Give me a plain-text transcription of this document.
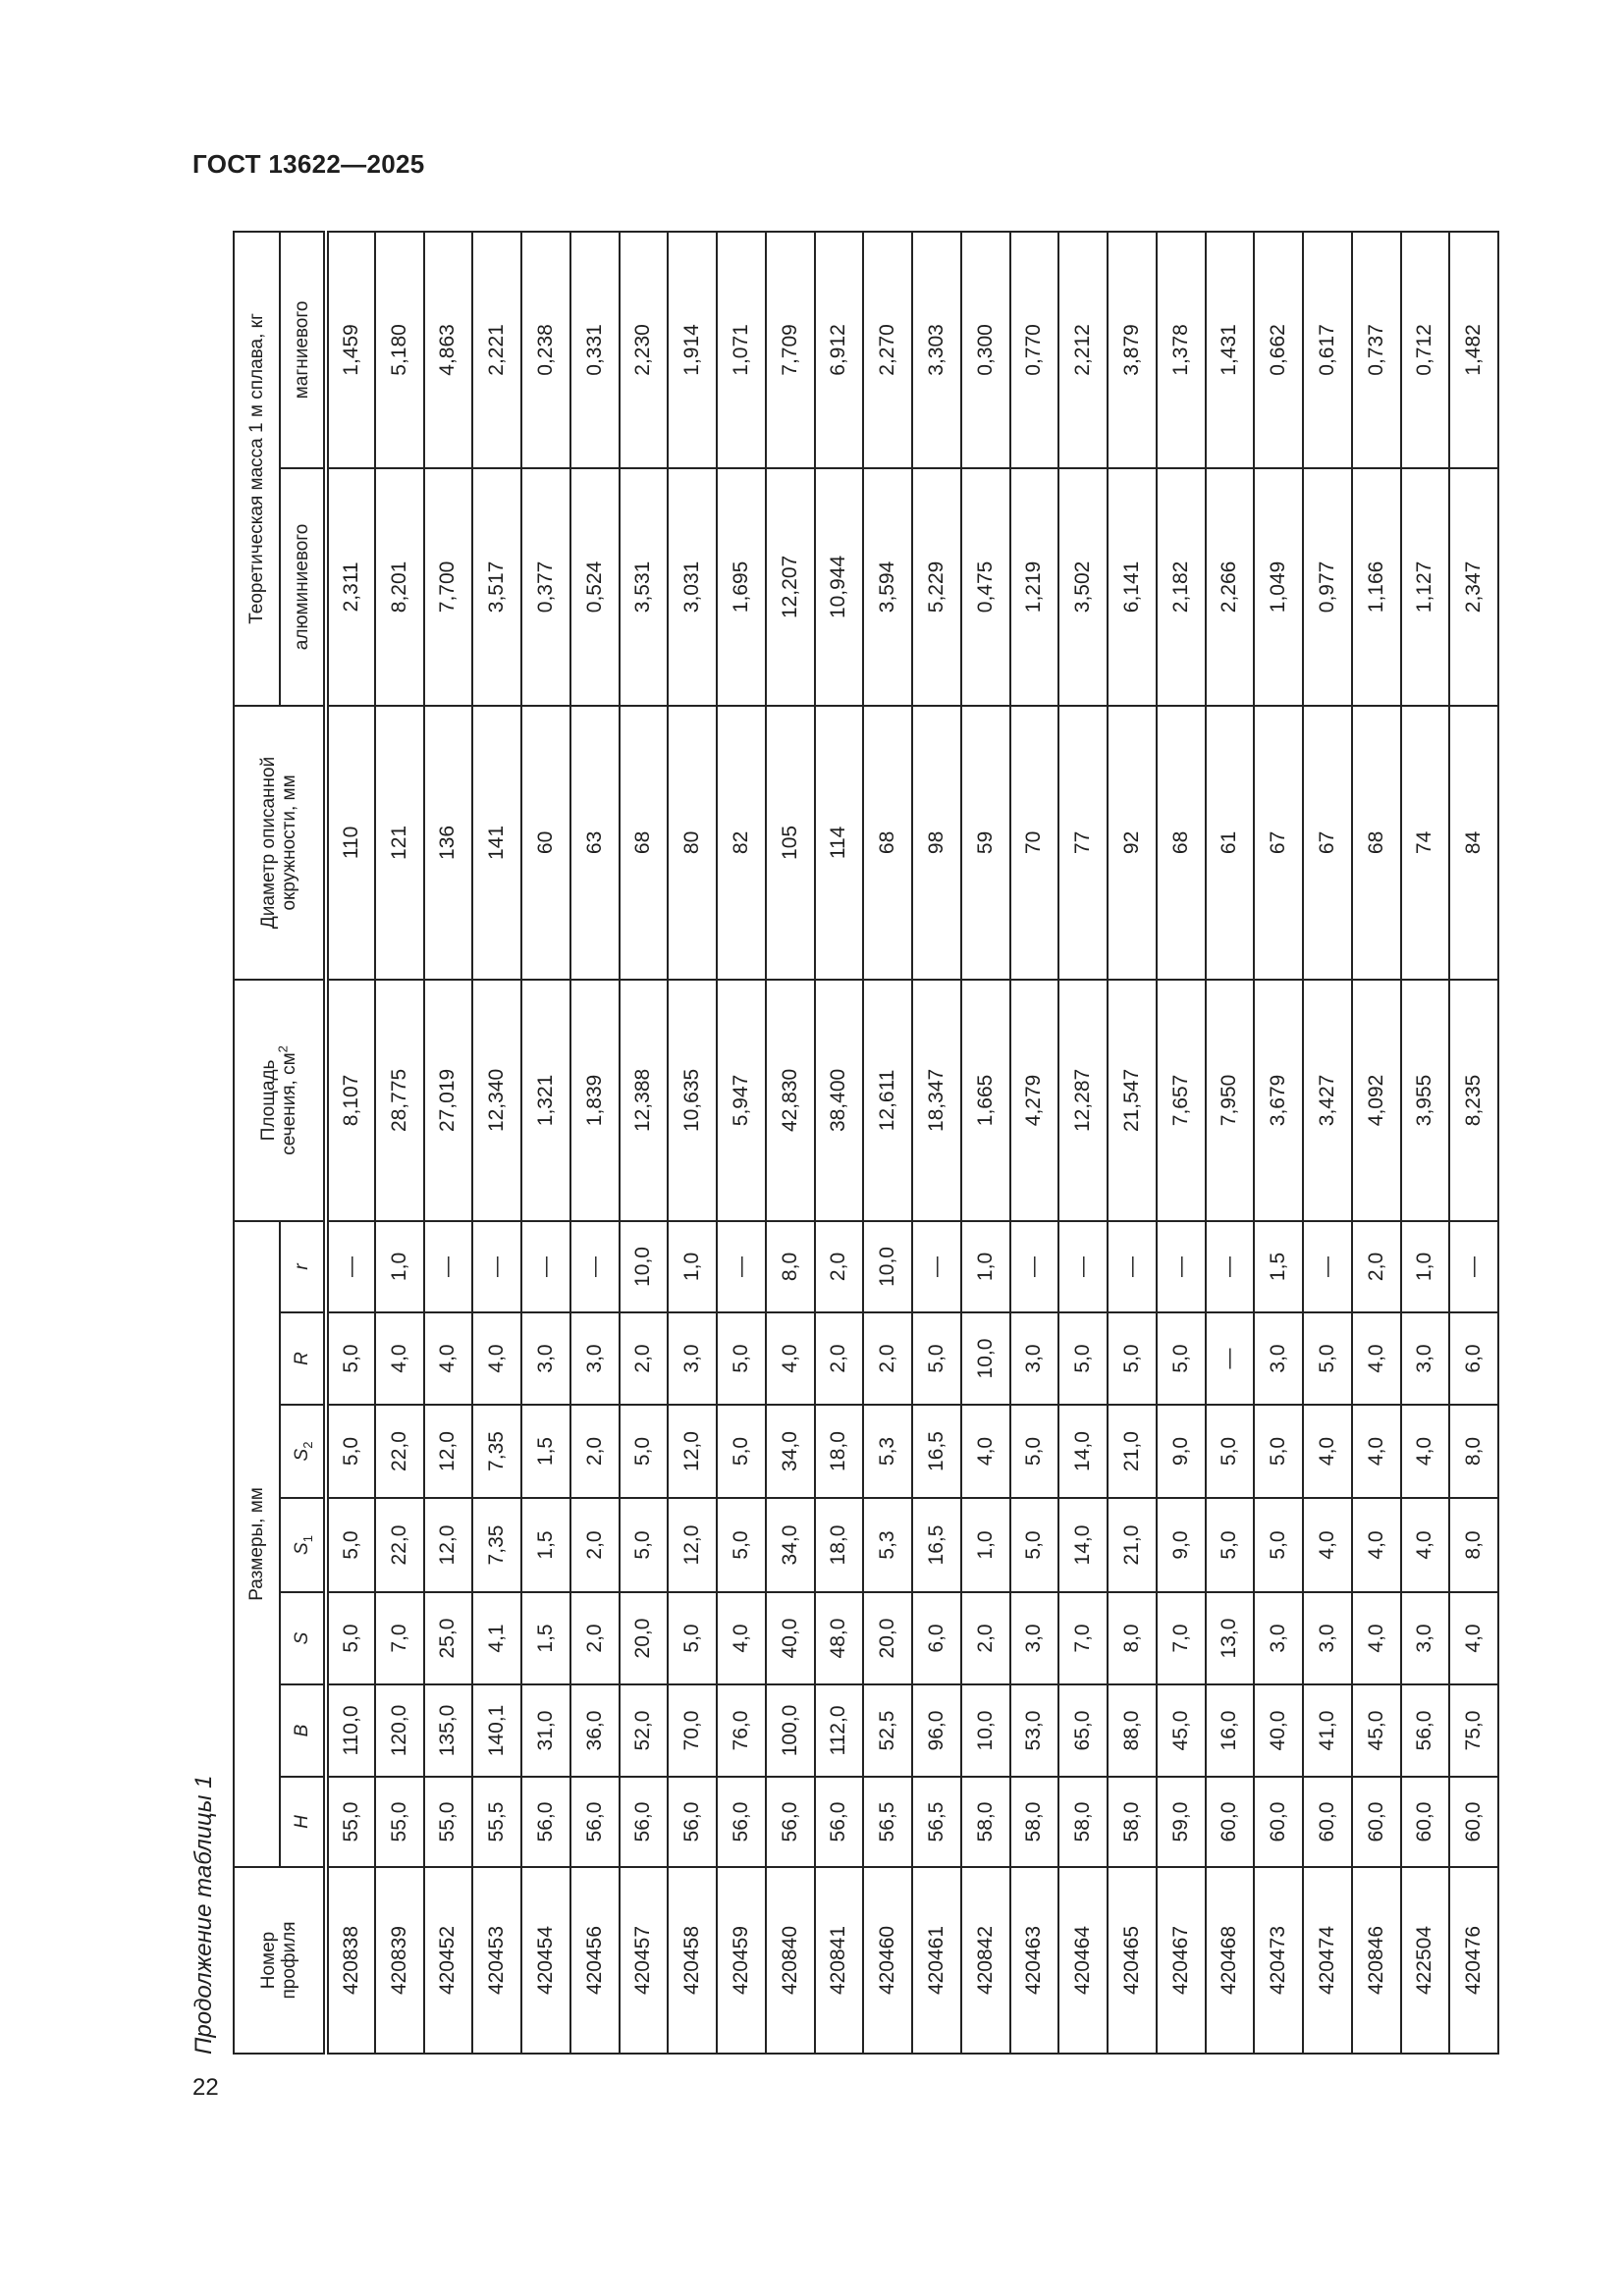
ГОСТ 13622—2025
Продолжение таблицы 1 Номер профиля	Размеры, мм							Площадь сечения, $см^2$	Диаметр описанной окружности, мм	Теоретическая масса 1 м сплава, кг	
	H	B	S	$S_1$	$S_2$	R	r			алюминиевого	магниевого
420838	55,0	110,0	5,0	5,0	5,0	5,0	—	8,107	110	2,311	1,459
420839	55,0	120,0	7,0	22,0	22,0	4,0	1,0	28,775	121	8,201	5,180
420452	55,0	135,0	25,0	12,0	12,0	4,0	—	27,019	136	7,700	4,863
420453	55,5	140,1	4,1	7,35	7,35	4,0	—	12,340	141	3,517	2,221
420454	56,0	31,0	1,5	1,5	1,5	3,0	—	1,321	60	0,377	0,238
420456	56,0	36,0	2,0	2,0	2,0	3,0	—	1,839	63	0,524	0,331
420457	56,0	52,0	20,0	5,0	5,0	2,0	10,0	12,388	68	3,531	2,230
420458	56,0	70,0	5,0	12,0	12,0	3,0	1,0	10,635	80	3,031	1,914
420459	56,0	76,0	4,0	5,0	5,0	5,0	—	5,947	82	1,695	1,071
420840	56,0	100,0	40,0	34,0	34,0	4,0	8,0	42,830	105	12,207	7,709
420841	56,0	112,0	48,0	18,0	18,0	2,0	2,0	38,400	114	10,944	6,912
420460	56,5	52,5	20,0	5,3	5,3	2,0	10,0	12,611	68	3,594	2,270
420461	56,5	96,0	6,0	16,5	16,5	5,0	—	18,347	98	5,229	3,303
420842	58,0	10,0	2,0	1,0	4,0	10,0	1,0	1,665	59	0,475	0,300
420463	58,0	53,0	3,0	5,0	5,0	3,0	—	4,279	70	1,219	0,770
420464	58,0	65,0	7,0	14,0	14,0	5,0	—	12,287	77	3,502	2,212
420465	58,0	88,0	8,0	21,0	21,0	5,0	—	21,547	92	6,141	3,879
420467	59,0	45,0	7,0	9,0	9,0	5,0	—	7,657	68	2,182	1,378
420468	60,0	16,0	13,0	5,0	5,0	—	—	7,950	61	2,266	1,431
420473	60,0	40,0	3,0	5,0	5,0	3,0	1,5	3,679	67	1,049	0,662
420474	60,0	41,0	3,0	4,0	4,0	5,0	—	3,427	67	0,977	0,617
420846	60,0	45,0	4,0	4,0	4,0	4,0	2,0	4,092	68	1,166	0,737
422504	60,0	56,0	3,0	4,0	4,0	3,0	1,0	3,955	74	1,127	0,712
420476	60,0	75,0	4,0	8,0	8,0	6,0	—	8,235	84	2,347	1,482
22
